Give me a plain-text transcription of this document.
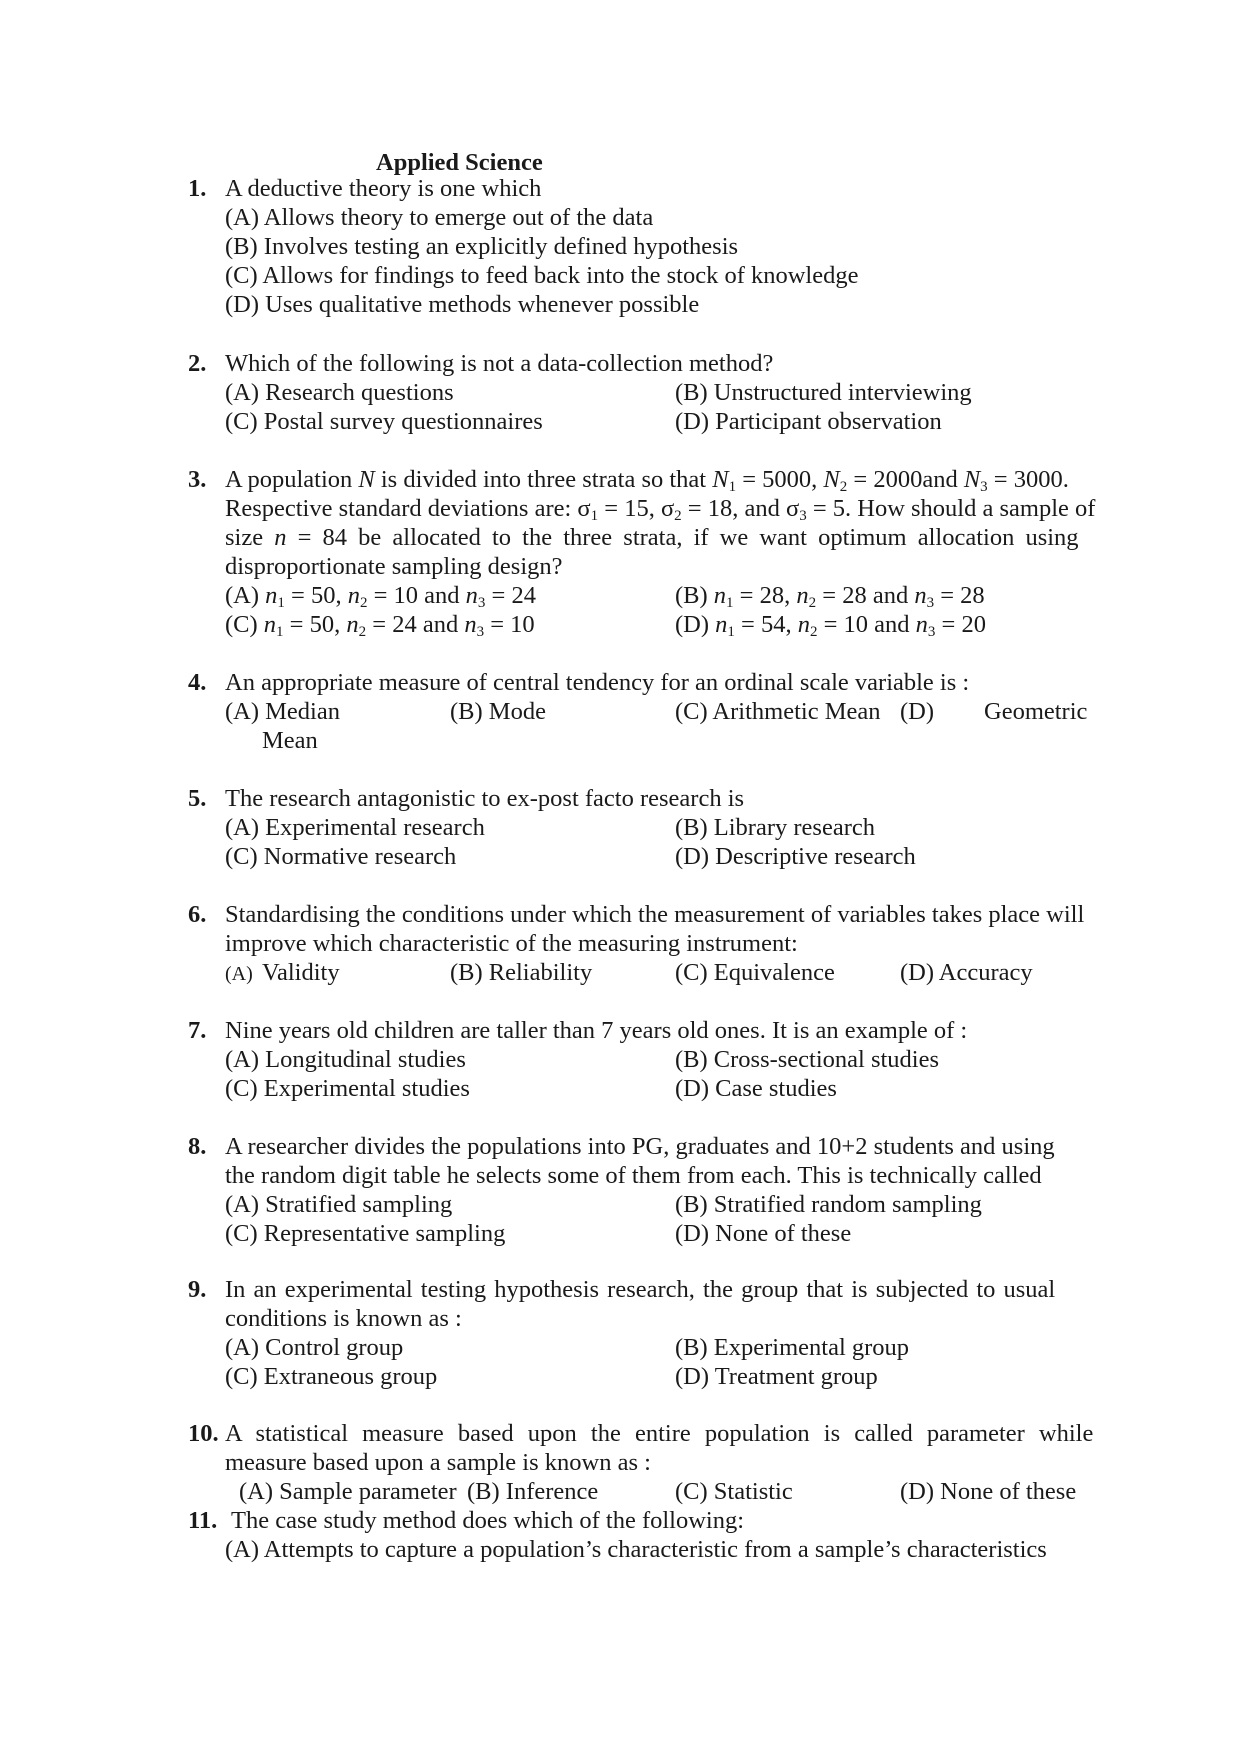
Applied Science
1. A deductive theory is one which
(A) Allows theory to emerge out of the data
(B) Involves testing an explicitly defined hypothesis
(C) Allows for findings to feed back into the stock of knowledge
(D) Uses qualitative methods whenever possible
2. Which of the following is not a data-collection method?
(A) Research questions	(B) Unstructured interviewing
(C) Postal survey questionnaires	(D) Participant observation
3. A population N is divided into three strata so that $N_1 = 5000$, $N_2 = 2000and$ $N_3 = 3000$.
Respective standard deviations are: $\sigma_1 = 15$, $\sigma_2 = 18$, and $\sigma_3 = 5$. How should a sample of
size n = 84 be allocated to the three strata, if we want optimum allocation using
disproportionate sampling design?
(A) $n_1 = 50$, $n_2 = 10$ and $n_3 = 24$	(B) $n_1 = 28$, $n_2 = 28$ and $n_3 = 28$
(C) $n_1 = 50$, $n_2 = 24$ and $n_3 = 10$	(D) $n_1 = 54$, $n_2 = 10$ and $n_3 = 20$
4. An appropriate measure of central tendency for an ordinal scale variable is :
(A) Median	(B) Mode	(C) Arithmetic Mean (D) Geometric
Mean
5. The research antagonistic to ex-post facto research is
(A) Experimental research	(B) Library research
(C) Normative research	(D) Descriptive research
6. Standardising the conditions under which the measurement of variables takes place will
improve which characteristic of the measuring instrument:
(A) Validity	(B) Reliability	(C) Equivalence	(D) Accuracy
7. Nine years old children are taller than 7 years old ones. It is an example of :
(A) Longitudinal studies	(B) Cross-sectional studies
(C) Experimental studies	(D) Case studies
8. A researcher divides the populations into PG, graduates and 10+2 students and using
the random digit table he selects some of them from each. This is technically called
(A) Stratified sampling	(B) Stratified random sampling
(C) Representative sampling	(D) None of these
9. In an experimental testing hypothesis research, the group that is subjected to usual
conditions is known as :
(A) Control group	(B) Experimental group
(C) Extraneous group	(D) Treatment group
10. A statistical measure based upon the entire population is called parameter while
measure based upon a sample is known as :
(A) Sample parameter (B) Inference	(C) Statistic	(D) None of these
11. The case study method does which of the following:
(A) Attempts to capture a population’s characteristic from a sample’s characteristics
